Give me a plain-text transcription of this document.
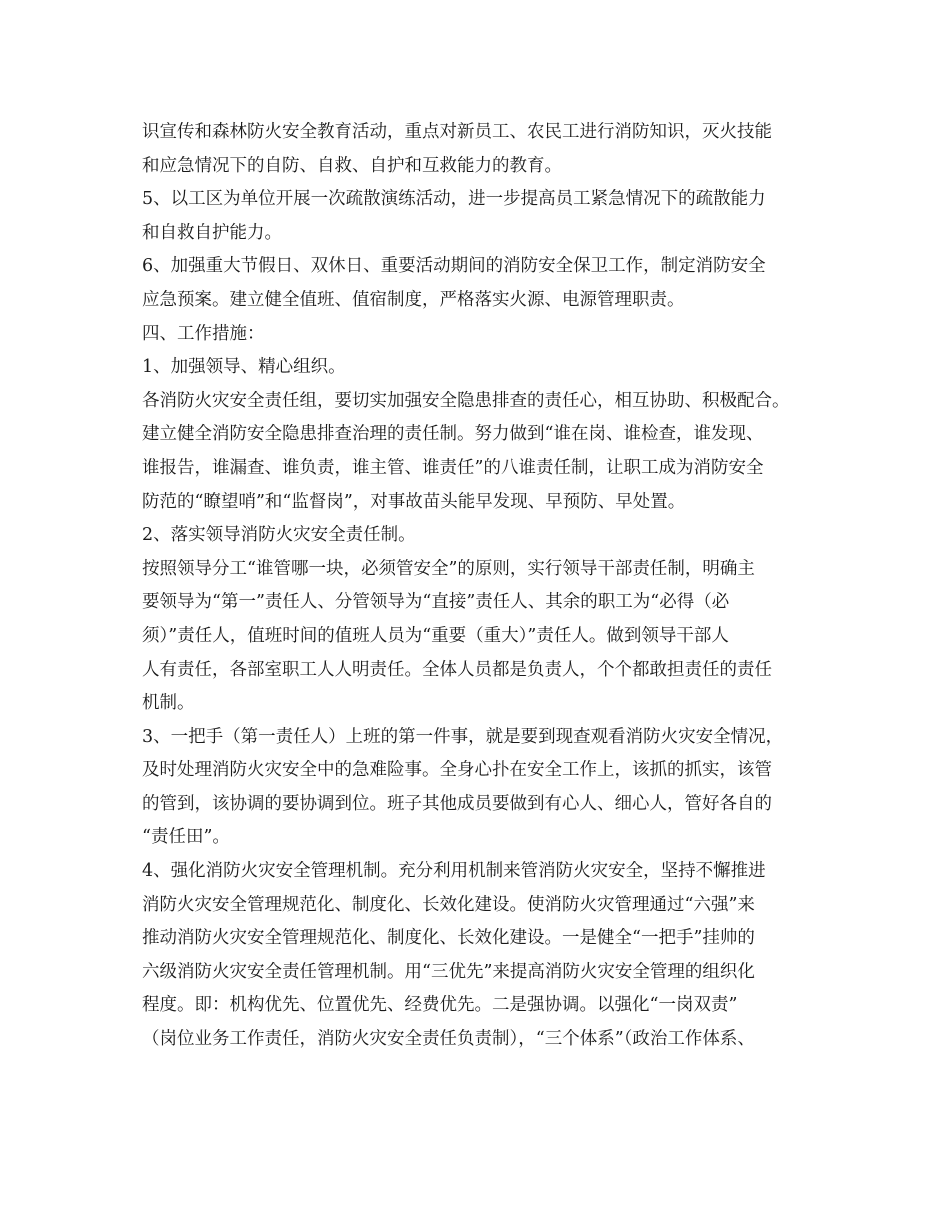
识宣传和森林防火安全教育活动，重点对新员工、农民工进行消防知识，灭火技能
和应急情况下的自防、自救、自护和互救能力的教育。
5、以工区为单位开展一次疏散演练活动，进一步提高员工紧急情况下的疏散能力
和自救自护能力。
6、加强重大节假日、双休日、重要活动期间的消防安全保卫工作，制定消防安全
应急预案。建立健全值班、值宿制度，严格落实火源、电源管理职责。
四、工作措施：
1、加强领导、精心组织。
各消防火灾安全责任组，要切实加强安全隐患排查的责任心，相互协助、积极配合。
建立健全消防安全隐患排查治理的责任制。努力做到“谁在岗、谁检查，谁发现、
谁报告，谁漏查、谁负责，谁主管、谁责任”的八谁责任制，让职工成为消防安全
防范的“瞭望哨”和“监督岗”，对事故苗头能早发现、早预防、早处置。
2、落实领导消防火灾安全责任制。
按照领导分工“谁管哪一块，必须管安全”的原则，实行领导干部责任制，明确主
要领导为“第一”责任人、分管领导为“直接”责任人、其余的职工为“必得（必
须）”责任人，值班时间的值班人员为“重要（重大）”责任人。做到领导干部人
人有责任，各部室职工人人明责任。全体人员都是负责人，个个都敢担责任的责任
机制。
3、一把手（第一责任人）上班的第一件事，就是要到现查观看消防火灾安全情况，
及时处理消防火灾安全中的急难险事。全身心扑在安全工作上，该抓的抓实，该管
的管到，该协调的要协调到位。班子其他成员要做到有心人、细心人，管好各自的
“责任田”。
4、强化消防火灾安全管理机制。充分利用机制来管消防火灾安全，坚持不懈推进
消防火灾安全管理规范化、制度化、长效化建设。使消防火灾管理通过“六强”来
推动消防火灾安全管理规范化、制度化、长效化建设。一是健全“一把手”挂帅的
六级消防火灾安全责任管理机制。用“三优先”来提高消防火灾安全管理的组织化
程度。即：机构优先、位置优先、经费优先。二是强协调。以强化“一岗双责”
（岗位业务工作责任，消防火灾安全责任负责制），“三个体系”（政治工作体系、
